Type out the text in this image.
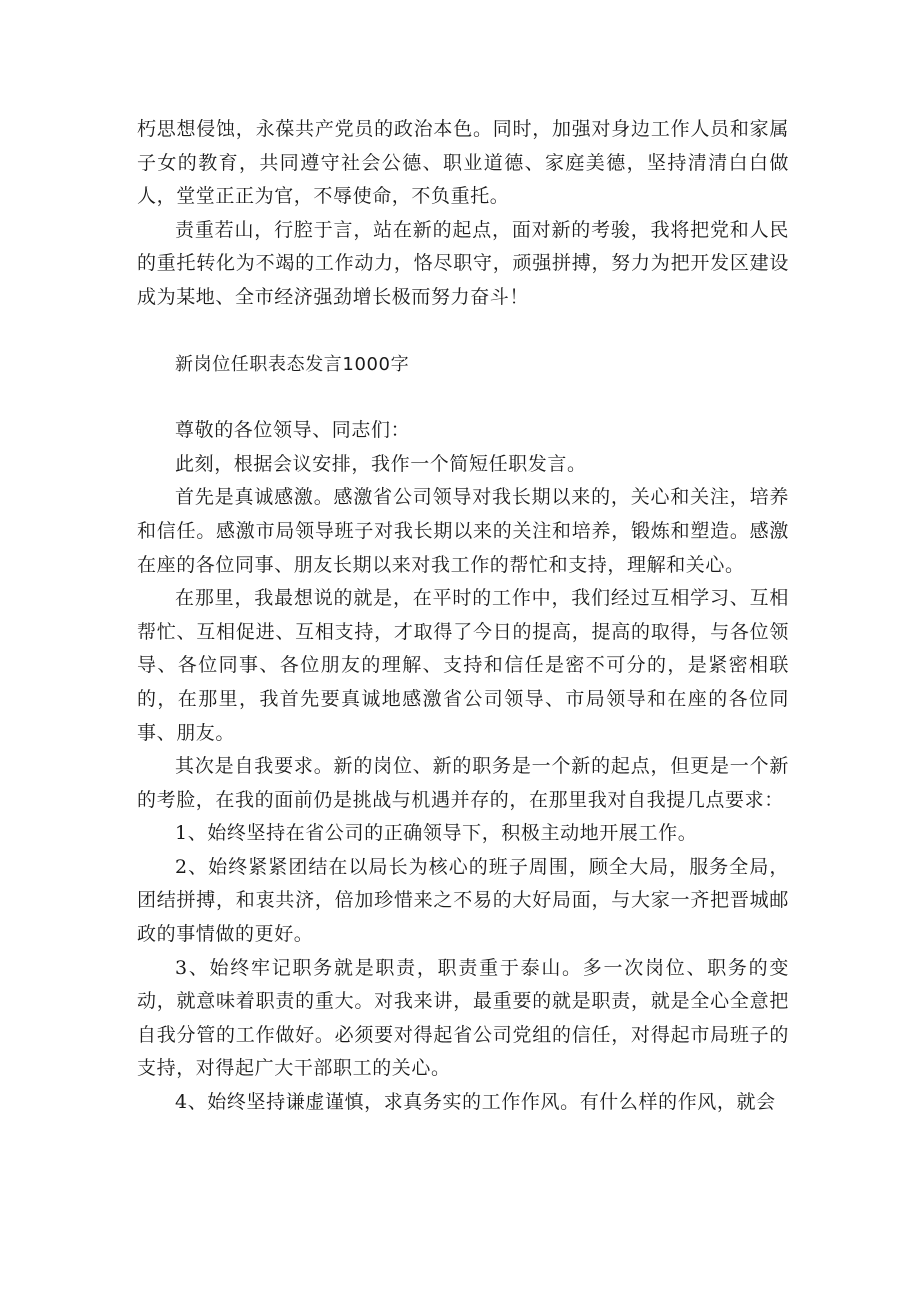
朽思想侵蚀，永葆共产党员的政治本色。同时，加强对身边工作人员和家属子女的教育，共同遵守社会公德、职业道德、家庭美德，坚持清清白白做人，堂堂正正为官，不辱使命，不负重托。

责重若山，行腔于言，站在新的起点，面对新的考骏，我将把党和人民的重托转化为不竭的工作动力，恪尽职守，顽强拼搏，努力为把开发区建设成为某地、全市经济强劲增长极而努力奋斗！

新岗位任职表态发言1000字

尊敬的各位领导、同志们：

此刻，根据会议安排，我作一个简短任职发言。

首先是真诚感激。感激省公司领导对我长期以来的，关心和关注，培养和信任。感激市局领导班子对我长期以来的关注和培养，锻炼和塑造。感激在座的各位同事、朋友长期以来对我工作的帮忙和支持，理解和关心。

在那里，我最想说的就是，在平时的工作中，我们经过互相学习、互相帮忙、互相促进、互相支持，才取得了今日的提高，提高的取得，与各位领导、各位同事、各位朋友的理解、支持和信任是密不可分的，是紧密相联的，在那里，我首先要真诚地感激省公司领导、市局领导和在座的各位同事、朋友。

其次是自我要求。新的岗位、新的职务是一个新的起点，但更是一个新的考脸，在我的面前仍是挑战与机遇并存的，在那里我对自我提几点要求：

1、始终坚持在省公司的正确领导下，积极主动地开展工作。

2、始终紧紧团结在以局长为核心的班子周围，顾全大局，服务全局，团结拼搏，和衷共济，倍加珍惜来之不易的大好局面，与大家一齐把晋城邮政的事情做的更好。

3、始终牢记职务就是职责，职责重于泰山。多一次岗位、职务的变动，就意味着职责的重大。对我来讲，最重要的就是职责，就是全心全意把自我分管的工作做好。必须要对得起省公司党组的信任，对得起市局班子的支持，对得起广大干部职工的关心。

4、始终坚持谦虚谨慎，求真务实的工作作风。有什么样的作风，就会
